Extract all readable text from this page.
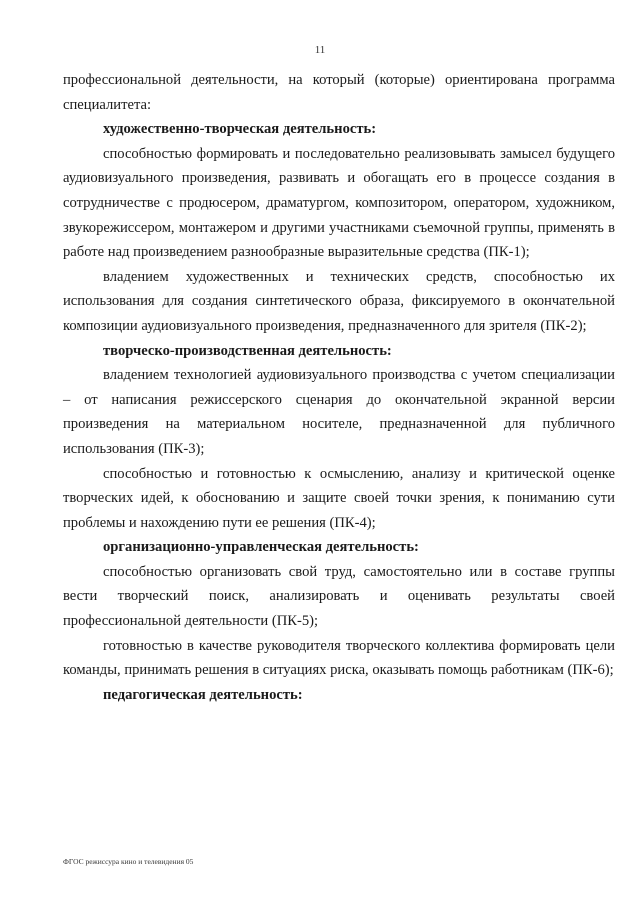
11

профессиональной деятельности, на который (которые) ориентирована программа специалитета:

художественно-творческая деятельность:

способностью формировать и последовательно реализовывать замысел будущего аудиовизуального произведения, развивать и обогащать его в процессе создания в сотрудничестве с продюсером, драматургом, композитором, оператором, художником, звукорежиссером, монтажером и другими участниками съемочной группы, применять в работе над произведением разнообразные выразительные средства (ПК-1);

владением художественных и технических средств, способностью их использования для создания синтетического образа, фиксируемого в окончательной композиции аудиовизуального произведения, предназначенного для зрителя (ПК-2);

творческо-производственная деятельность:

владением технологией аудиовизуального производства с учетом специализации – от написания режиссерского сценария до окончательной экранной версии произведения на материальном носителе, предназначенной для публичного использования (ПК-3);

способностью и готовностью к осмыслению, анализу и критической оценке творческих идей, к обоснованию и защите своей точки зрения, к пониманию сути проблемы и нахождению пути ее решения (ПК-4);

организационно-управленческая деятельность:

способностью организовать свой труд, самостоятельно или в составе группы вести творческий поиск, анализировать и оценивать результаты своей профессиональной деятельности (ПК-5);

готовностью в качестве руководителя творческого коллектива формировать цели команды, принимать решения в ситуациях риска, оказывать помощь работникам (ПК-6);

педагогическая деятельность:

ФГОС режиссура кино и телевидения 05
